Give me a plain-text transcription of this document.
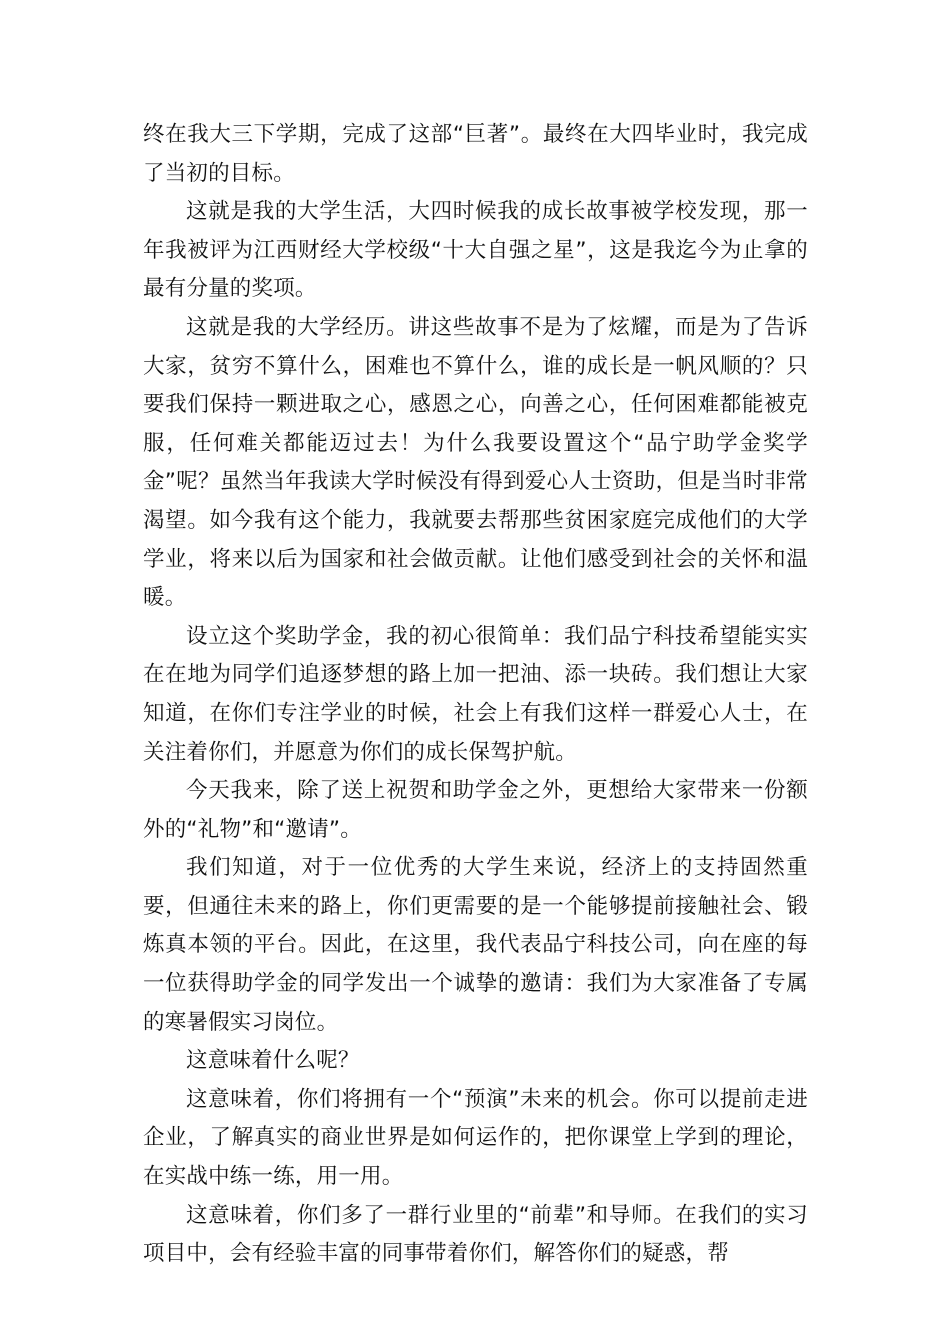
终在我大三下学期，完成了这部“巨著”。最终在大四毕业时，我完成了当初的目标。

这就是我的大学生活，大四时候我的成长故事被学校发现，那一年我被评为江西财经大学校级“十大自强之星”，这是我迄今为止拿的最有分量的奖项。

这就是我的大学经历。讲这些故事不是为了炫耀，而是为了告诉大家，贫穷不算什么，困难也不算什么，谁的成长是一帆风顺的？只要我们保持一颗进取之心，感恩之心，向善之心，任何困难都能被克服，任何难关都能迈过去！为什么我要设置这个“品宁助学金奖学金”呢？虽然当年我读大学时候没有得到爱心人士资助，但是当时非常渴望。如今我有这个能力，我就要去帮那些贫困家庭完成他们的大学学业，将来以后为国家和社会做贡献。让他们感受到社会的关怀和温暖。

设立这个奖助学金，我的初心很简单：我们品宁科技希望能实实在在地为同学们追逐梦想的路上加一把油、添一块砖。我们想让大家知道，在你们专注学业的时候，社会上有我们这样一群爱心人士，在关注着你们，并愿意为你们的成长保驾护航。

今天我来，除了送上祝贺和助学金之外，更想给大家带来一份额外的“礼物”和“邀请”。

我们知道，对于一位优秀的大学生来说，经济上的支持固然重要，但通往未来的路上，你们更需要的是一个能够提前接触社会、锻炼真本领的平台。因此，在这里，我代表品宁科技公司，向在座的每一位获得助学金的同学发出一个诚挚的邀请：我们为大家准备了专属的寒暑假实习岗位。

这意味着什么呢？

这意味着，你们将拥有一个“预演”未来的机会。你可以提前走进企业，了解真实的商业世界是如何运作的，把你课堂上学到的理论，在实战中练一练，用一用。

这意味着，你们多了一群行业里的“前辈”和导师。在我们的实习项目中，会有经验丰富的同事带着你们，解答你们的疑惑，帮
